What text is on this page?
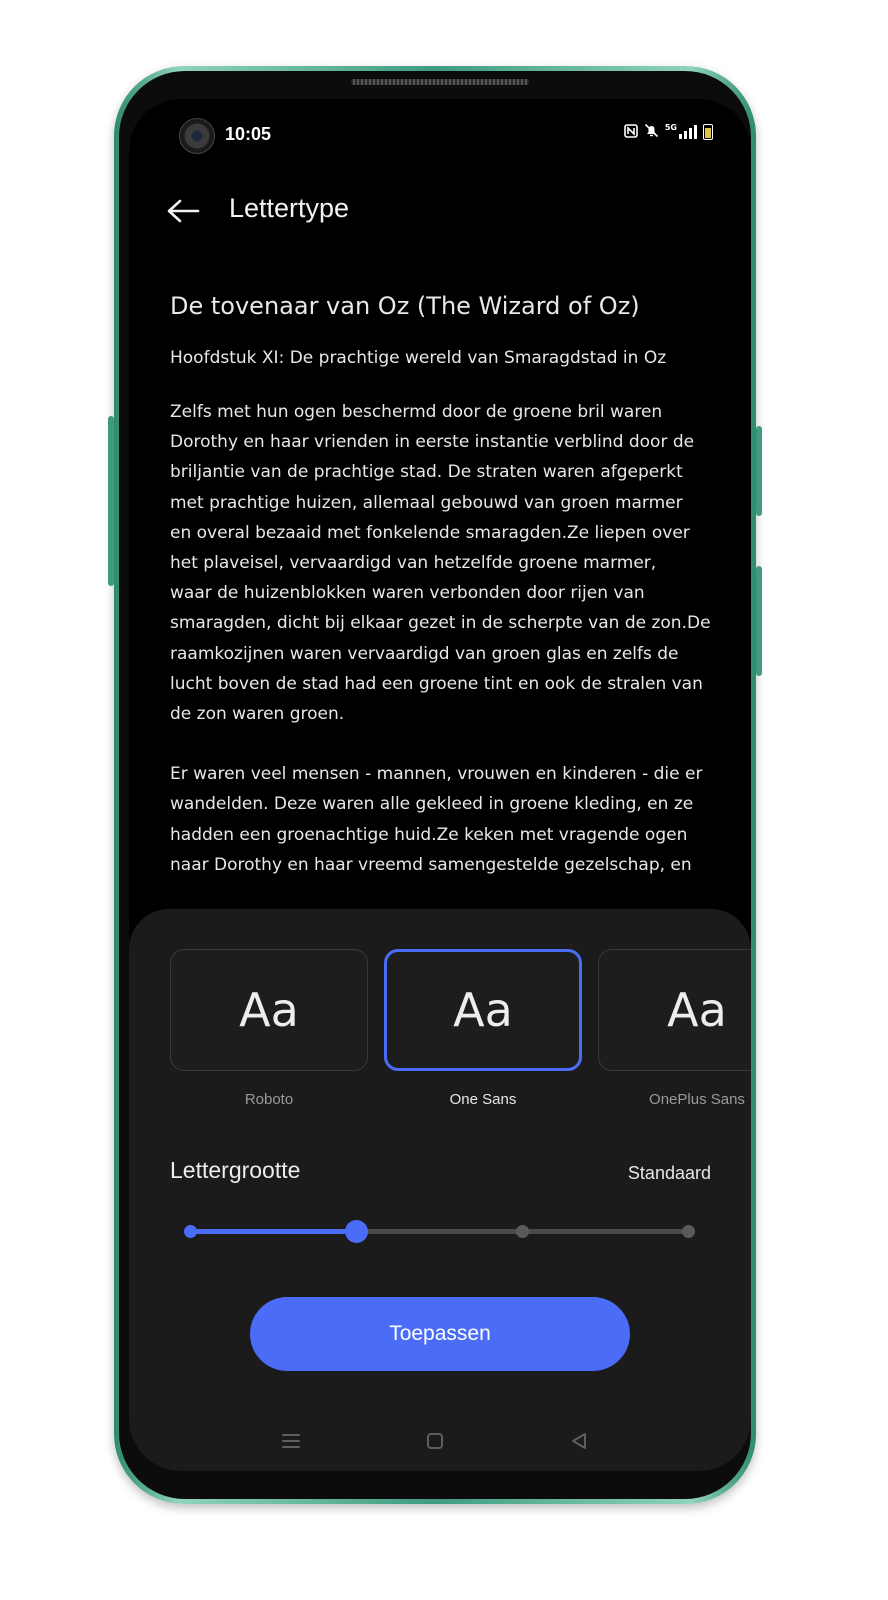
10:05	5G
Lettertype
De tovenaar van Oz (The Wizard of Oz)
Hoofdstuk XI: De prachtige wereld van Smaragdstad in Oz
Zelfs met hun ogen beschermd door de groene bril waren
Dorothy en haar vrienden in eerste instantie verblind door de
briljantie van de prachtige stad. De straten waren afgeperkt
met prachtige huizen, allemaal gebouwd van groen marmer
en overal bezaaid met fonkelende smaragden.Ze liepen over
het plaveisel, vervaardigd van hetzelfde groene marmer,
waar de huizenblokken waren verbonden door rijen van
smaragden, dicht bij elkaar gezet in de scherpte van de zon.De
raamkozijnen waren vervaardigd van groen glas en zelfs de
lucht boven de stad had een groene tint en ook de stralen van
de zon waren groen.
Er waren veel mensen - mannen, vrouwen en kinderen - die er
wandelden. Deze waren alle gekleed in groene kleding, en ze
hadden een groenachtige huid.Ze keken met vragende ogen
naar Dorothy en haar vreemd samengestelde gezelschap, en
Aa
Roboto
Aa
One Sans
Aa
OnePlus Sans
Lettergrootte	Standaard
Toepassen
